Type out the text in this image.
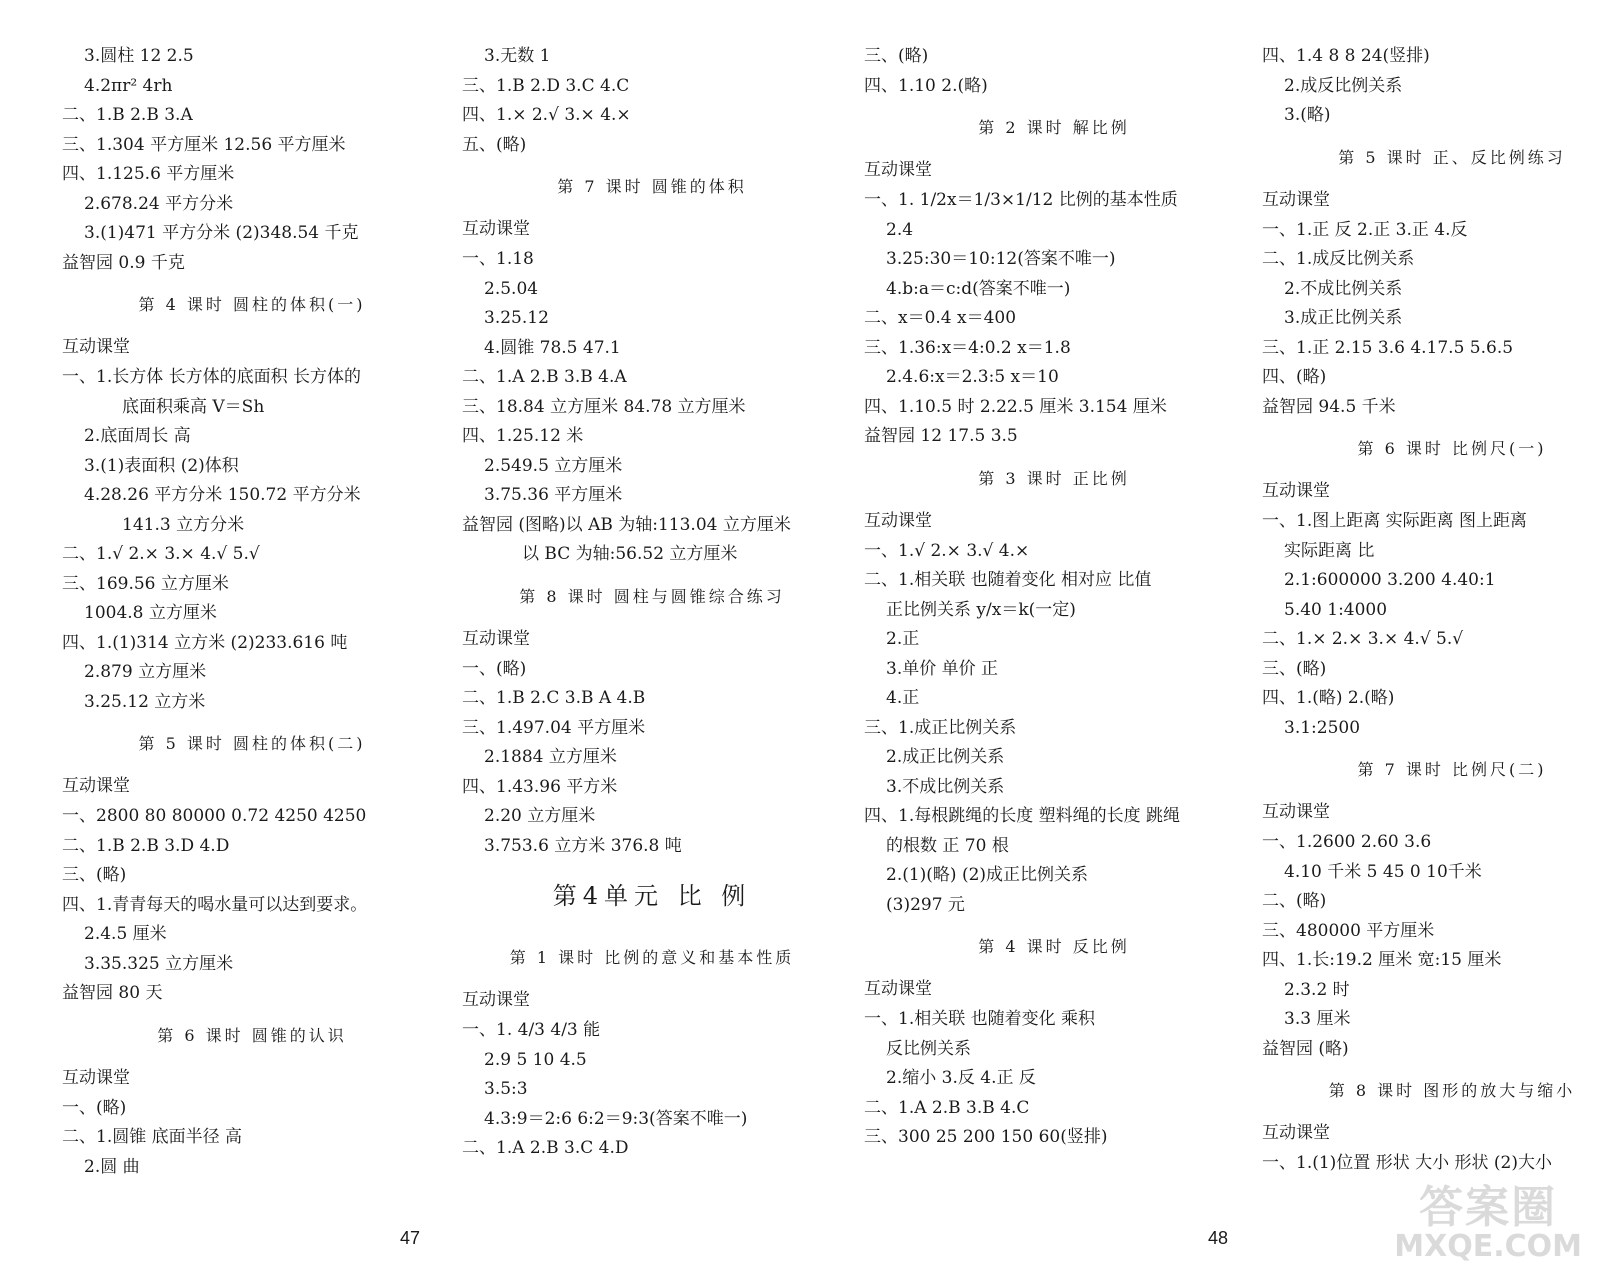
3.圆柱 12 2.5
4.2πr² 4rh
二、1.B 2.B 3.A
三、1.304 平方厘米 12.56 平方厘米
四、1.125.6 平方厘米
2.678.24 平方分米
3.(1)471 平方分米 (2)348.54 千克
益智园 0.9 千克
第 4 课时 圆柱的体积(一)
互动课堂
一、1.长方体 长方体的底面积 长方体的
底面积乘高 V＝Sh
2.底面周长 高
3.(1)表面积 (2)体积
4.28.26 平方分米 150.72 平方分米
141.3 立方分米
二、1.√ 2.× 3.× 4.√ 5.√
三、169.56 立方厘米
1004.8 立方厘米
四、1.(1)314 立方米 (2)233.616 吨
2.879 立方厘米
3.25.12 立方米
第 5 课时 圆柱的体积(二)
互动课堂
一、2800 80 80000 0.72 4250 4250
二、1.B 2.B 3.D 4.D
三、(略)
四、1.青青每天的喝水量可以达到要求。
2.4.5 厘米
3.35.325 立方厘米
益智园 80 天
第 6 课时 圆锥的认识
互动课堂
一、(略)
二、1.圆锥 底面半径 高
2.圆 曲
3.无数 1
三、1.B 2.D 3.C 4.C
四、1.× 2.√ 3.× 4.×
五、(略)
第 7 课时 圆锥的体积
互动课堂
一、1.18
2.5.04
3.25.12
4.圆锥 78.5 47.1
二、1.A 2.B 3.B 4.A
三、18.84 立方厘米 84.78 立方厘米
四、1.25.12 米
2.549.5 立方厘米
3.75.36 平方厘米
益智园 (图略)以 AB 为轴:113.04 立方厘米
以 BC 为轴:56.52 立方厘米
第 8 课时 圆柱与圆锥综合练习
互动课堂
一、(略)
二、1.B 2.C 3.B A 4.B
三、1.497.04 平方厘米
2.1884 立方厘米
四、1.43.96 平方米
2.20 立方厘米
3.753.6 立方米 376.8 吨
第4单元 比 例
第 1 课时 比例的意义和基本性质
互动课堂
一、1. 4/3 4/3 能
2.9 5 10 4.5
3.5:3
4.3:9＝2:6 6:2＝9:3(答案不唯一)
二、1.A 2.B 3.C 4.D
三、(略)
四、1.10 2.(略)
第 2 课时 解比例
互动课堂
一、1. 1/2x＝1/3×1/12 比例的基本性质
2.4
3.25:30＝10:12(答案不唯一)
4.b:a＝c:d(答案不唯一)
二、x＝0.4 x＝400
三、1.36:x＝4:0.2 x＝1.8
2.4.6:x＝2.3:5 x＝10
四、1.10.5 时 2.22.5 厘米 3.154 厘米
益智园 12 17.5 3.5
第 3 课时 正比例
互动课堂
一、1.√ 2.× 3.√ 4.×
二、1.相关联 也随着变化 相对应 比值
正比例关系 y/x＝k(一定)
2.正
3.单价 单价 正
4.正
三、1.成正比例关系
2.成正比例关系
3.不成比例关系
四、1.每根跳绳的长度 塑料绳的长度 跳绳
的根数 正 70 根
2.(1)(略) (2)成正比例关系
(3)297 元
第 4 课时 反比例
互动课堂
一、1.相关联 也随着变化 乘积
反比例关系
2.缩小 3.反 4.正 反
二、1.A 2.B 3.B 4.C
三、300 25 200 150 60(竖排)
四、1.4 8 8 24(竖排)
2.成反比例关系
3.(略)
第 5 课时 正、反比例练习
互动课堂
一、1.正 反 2.正 3.正 4.反
二、1.成反比例关系
2.不成比例关系
3.成正比例关系
三、1.正 2.15 3.6 4.17.5 5.6.5
四、(略)
益智园 94.5 千米
第 6 课时 比例尺(一)
互动课堂
一、1.图上距离 实际距离 图上距离
实际距离 比
2.1:600000 3.200 4.40:1
5.40 1:4000
二、1.× 2.× 3.× 4.√ 5.√
三、(略)
四、1.(略) 2.(略)
3.1:2500
第 7 课时 比例尺(二)
互动课堂
一、1.2600 2.60 3.6
4.10 千米 5 45 0 10千米
二、(略)
三、480000 平方厘米
四、1.长:19.2 厘米 宽:15 厘米
2.3.2 时
3.3 厘米
益智园 (略)
第 8 课时 图形的放大与缩小
互动课堂
一、1.(1)位置 形状 大小 形状 (2)大小
47	48
答案圈
MXQE.COM
